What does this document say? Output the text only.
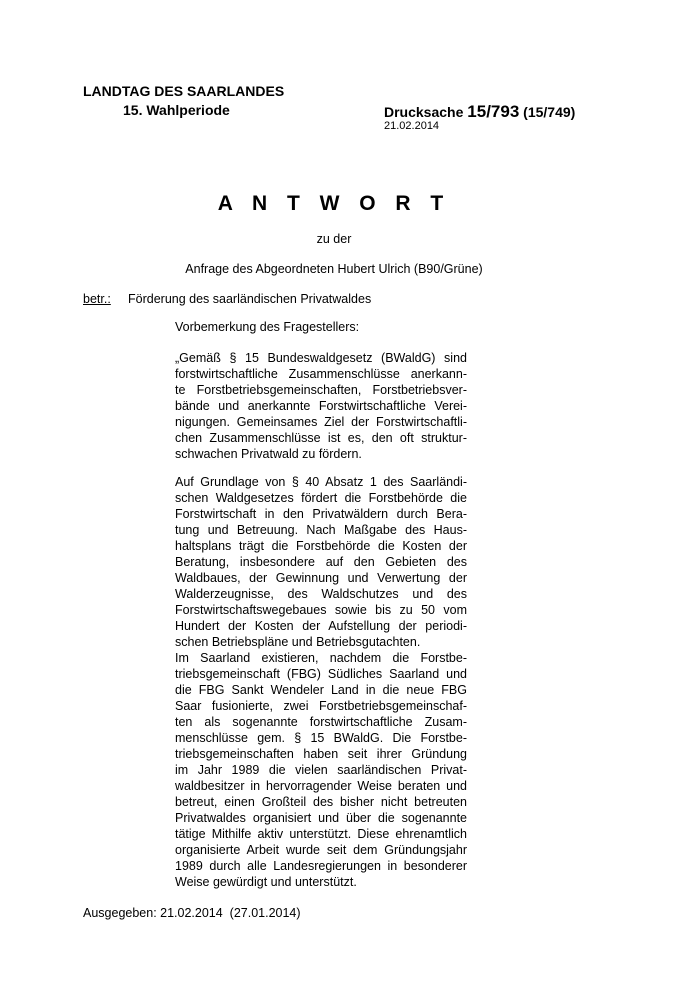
LANDTAG DES SAARLANDES
15. Wahlperiode	Drucksache 15/793 (15/749)
21.02.2014
A N T W O R T
zu der
Anfrage des Abgeordneten Hubert Ulrich (B90/Grüne)
betr.: Förderung des saarländischen Privatwaldes
Vorbemerkung des Fragestellers:
„Gemäß § 15 Bundeswaldgesetz (BWaldG) sind
forstwirtschaftliche Zusammenschlüsse anerkann-
te Forstbetriebsgemeinschaften, Forstbetriebsver-
bände und anerkannte Forstwirtschaftliche Verei-
nigungen. Gemeinsames Ziel der Forstwirtschaftli-
chen Zusammenschlüsse ist es, den oft struktur-
schwachen Privatwald zu fördern.
Auf Grundlage von § 40 Absatz 1 des Saarländi-
schen Waldgesetzes fördert die Forstbehörde die
Forstwirtschaft in den Privatwäldern durch Bera-
tung und Betreuung. Nach Maßgabe des Haus-
haltsplans trägt die Forstbehörde die Kosten der
Beratung, insbesondere auf den Gebieten des
Waldbaues, der Gewinnung und Verwertung der
Walderzeugnisse, des Waldschutzes und des
Forstwirtschaftswegebaues sowie bis zu 50 vom
Hundert der Kosten der Aufstellung der periodi-
schen Betriebspläne und Betriebsgutachten.
Im Saarland existieren, nachdem die Forstbe-
triebsgemeinschaft (FBG) Südliches Saarland und
die FBG Sankt Wendeler Land in die neue FBG
Saar fusionierte, zwei Forstbetriebsgemeinschaf-
ten als sogenannte forstwirtschaftliche Zusam-
menschlüsse gem. § 15 BWaldG. Die Forstbe-
triebsgemeinschaften haben seit ihrer Gründung
im Jahr 1989 die vielen saarländischen Privat-
waldbesitzer in hervorragender Weise beraten und
betreut, einen Großteil des bisher nicht betreuten
Privatwaldes organisiert und über die sogenannte
tätige Mithilfe aktiv unterstützt. Diese ehrenamtlich
organisierte Arbeit wurde seit dem Gründungsjahr
1989 durch alle Landesregierungen in besonderer
Weise gewürdigt und unterstützt.
Ausgegeben: 21.02.2014  (27.01.2014)
